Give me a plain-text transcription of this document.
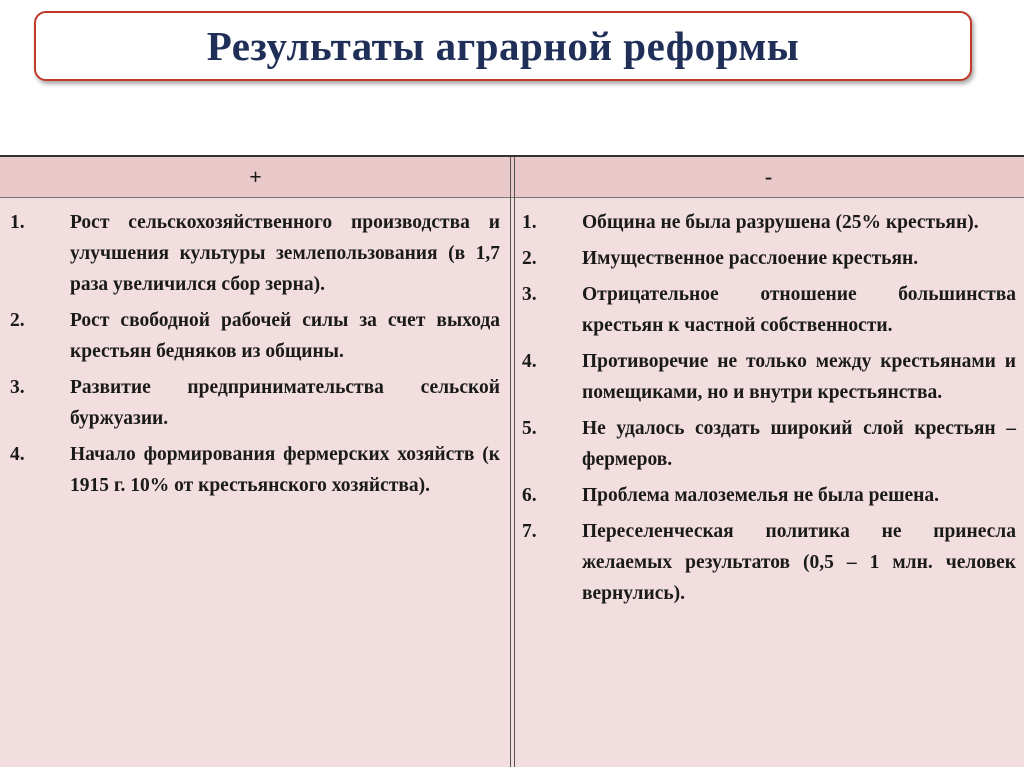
Результаты аграрной реформы
+	-
1.	Рост сельскохозяйственного производства и улучшения культуры землепользования (в 1,7 раза увеличился сбор зерна).
2.	Рост свободной рабочей силы за счет выхода крестьян бедняков из общины.
3.	Развитие предпринимательства сельской буржуазии.
4.	Начало формирования фермерских хозяйств (к 1915 г. 10% от крестьянского хозяйства).
1.	Община не была разрушена (25% крестьян).
2.	Имущественное расслоение крестьян.
3.	Отрицательное отношение большинства крестьян к частной собственности.
4.	Противоречие не только между крестьянами и помещиками, но и внутри крестьянства.
5.	Не удалось создать широкий слой крестьян – фермеров.
6.	Проблема малоземелья не была решена.
7.	Переселенческая политика не принесла желаемых результатов (0,5 – 1 млн. человек вернулись).
